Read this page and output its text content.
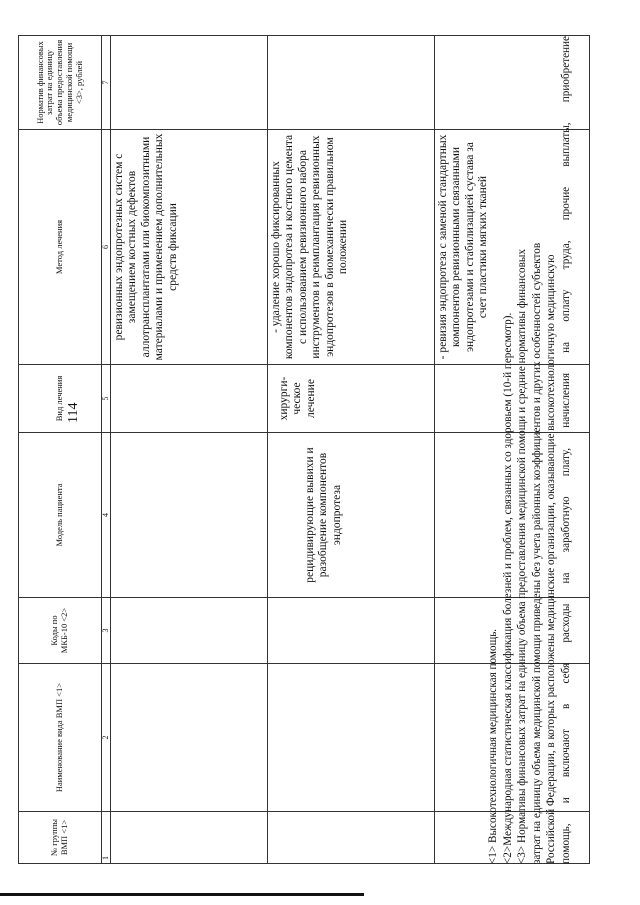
114
№ группы ВМП <1>	Наименование вида ВМП <1>	Коды по МКБ-10 <2>	Модель пациента	Вид лечения	Метод лечения	Норматив финансовых затрат на единицу объема предоставления медицинской помощи <3>, рублей
1	2	3	4	5	6	7
					ревизионных эндопротезных систем с замещением костных дефектов аллотрансплантатами или биокомпозитными материалами и применением дополнительных средств фиксации	
			рецидивирующие вывихи и разобщение компонентов эндопротеза	хирурги-ческое лечение	- удаление хорошо фиксированных компонентов эндопротеза и костного цемента с использованием ревизионного набора инструментов и реимплантация ревизионных эндопротезов в биомеханически правильном положении	
					- ревизия эндопротеза с заменой стандартных компонентов ревизионными связанными эндопротезами и стабилизацией сустава за счет пластики мягких тканей	

<1> Высокотехнологичная медицинская помощь. <2>Международная статистическая классификация болезней и проблем, связанных со здоровьем (10-й пересмотр). <3> Нормативы финансовых затрат на единицу объема предоставления медицинской помощи и средние нормативы финансовых затрат на единицу объема медицинской помощи приведены без учета районных коэффициентов и других особенностей субъектов Российской Федерации, в которых расположены медицинские организации, оказывающие высокотехнологичную медицинскую помощь, и включают в себя расходы на заработную плату, начисления на оплату труда, прочие выплаты, приобретение
